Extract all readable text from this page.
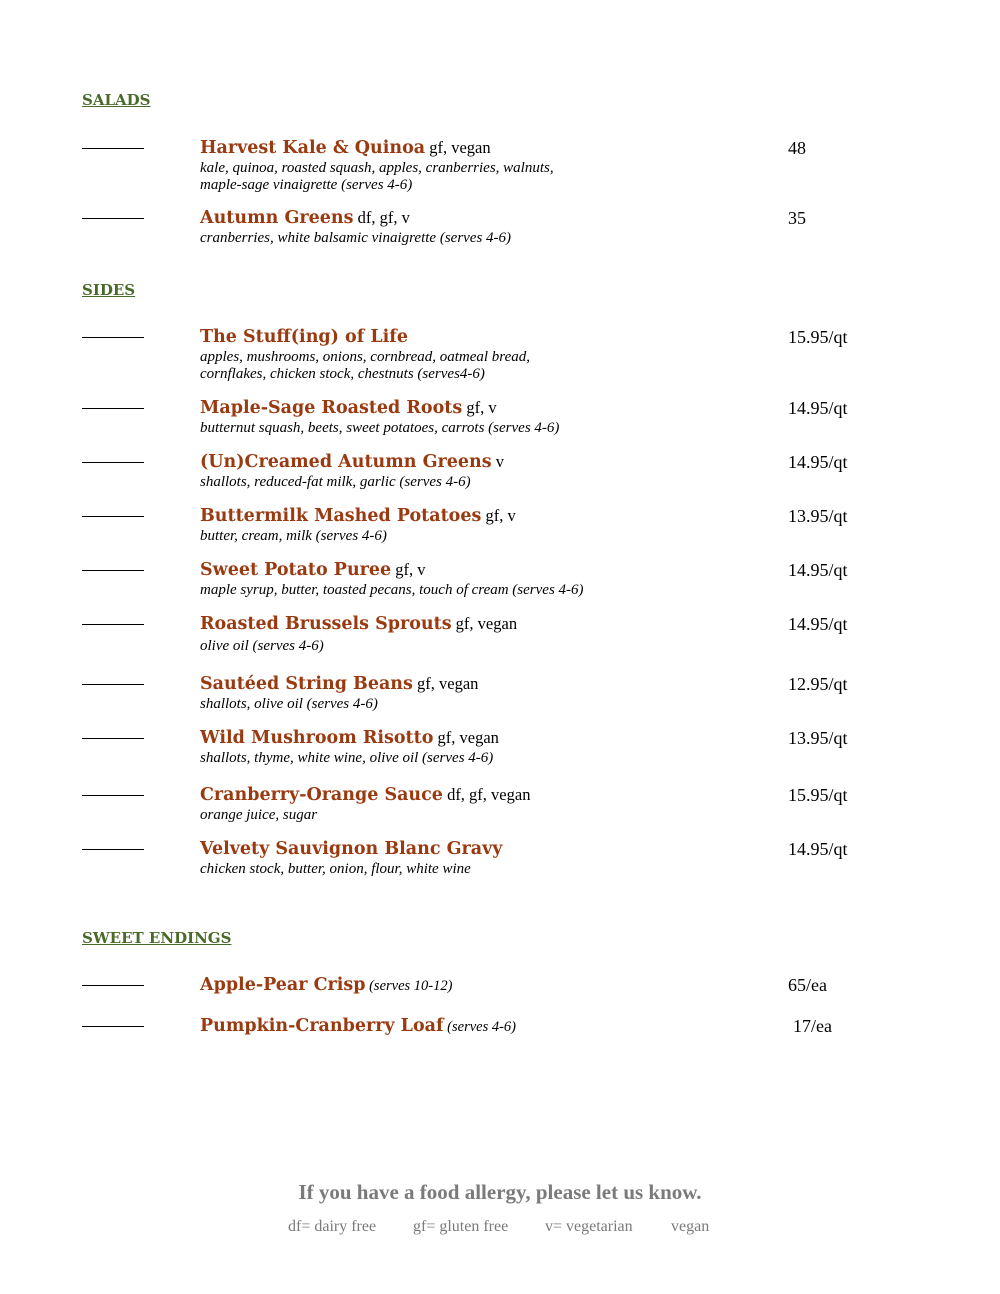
SALADS
Harvest Kale & Quinoa gf, vegan
kale, quinoa, roasted squash, apples, cranberries, walnuts,
maple-sage vinaigrette (serves 4-6)
48
Autumn Greens df, gf, v
cranberries, white balsamic vinaigrette (serves 4-6)
35
SIDES
The Stuff(ing) of Life
apples, mushrooms, onions, cornbread, oatmeal bread,
cornflakes, chicken stock, chestnuts (serves4-6)
15.95/qt
Maple-Sage Roasted Roots gf, v
butternut squash, beets, sweet potatoes, carrots (serves 4-6)
14.95/qt
(Un)Creamed Autumn Greens v
shallots, reduced-fat milk, garlic (serves 4-6)
14.95/qt
Buttermilk Mashed Potatoes gf, v
butter, cream, milk (serves 4-6)
13.95/qt
Sweet Potato Puree gf, v
maple syrup, butter, toasted pecans, touch of cream (serves 4-6)
14.95/qt
Roasted Brussels Sprouts gf, vegan
olive oil (serves 4-6)
14.95/qt
Sautéed String Beans gf, vegan
shallots, olive oil (serves 4-6)
12.95/qt
Wild Mushroom Risotto gf, vegan
shallots, thyme, white wine, olive oil (serves 4-6)
13.95/qt
Cranberry-Orange Sauce df, gf, vegan
orange juice, sugar
15.95/qt
Velvety Sauvignon Blanc Gravy
chicken stock, butter, onion, flour, white wine
14.95/qt
SWEET ENDINGS
Apple-Pear Crisp (serves 10-12)	65/ea
Pumpkin-Cranberry Loaf (serves 4-6)	17/ea
If you have a food allergy, please let us know.
df= dairy free gf= gluten free v= vegetarian vegan
